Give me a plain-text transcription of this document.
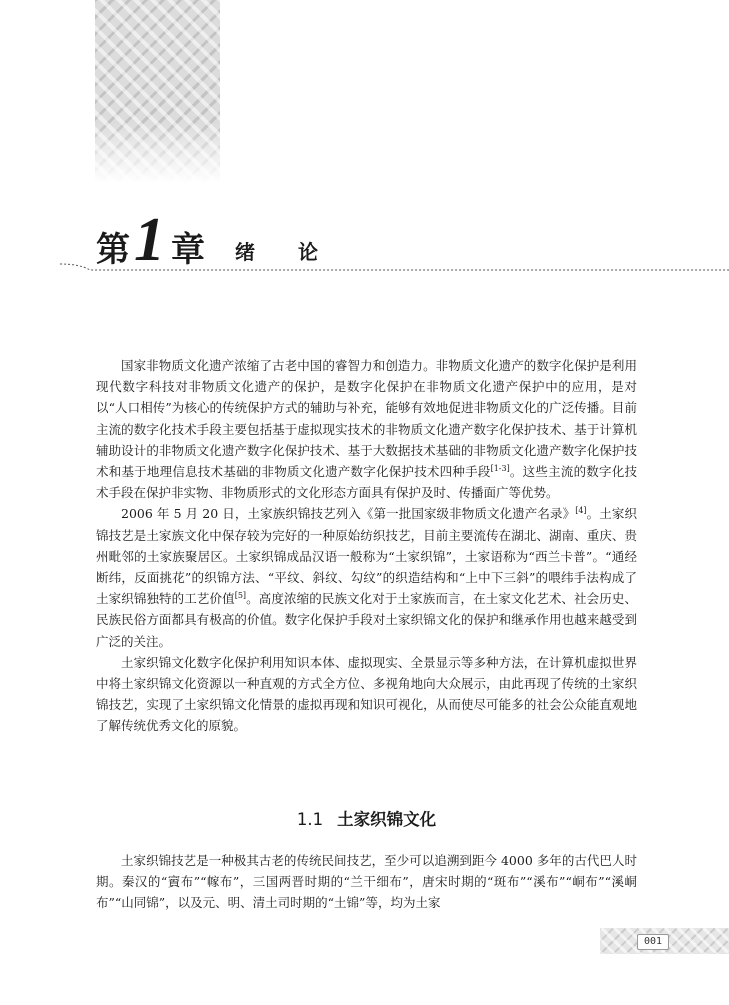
第 1 章 绪 论

国家非物质文化遗产浓缩了古老中国的睿智力和创造力。非物质文化遗产的数字化保护是利用现代数字科技对非物质文化遗产的保护，是数字化保护在非物质文化遗产保护中的应用，是对以“人口相传”为核心的传统保护方式的辅助与补充，能够有效地促进非物质文化的广泛传播。目前主流的数字化技术手段主要包括基于虚拟现实技术的非物质文化遗产数字化保护技术、基于计算机辅助设计的非物质文化遗产数字化保护技术、基于大数据技术基础的非物质文化遗产数字化保护技术和基于地理信息技术基础的非物质文化遗产数字化保护技术四种手段[1-3]。这些主流的数字化技术手段在保护非实物、非物质形式的文化形态方面具有保护及时、传播面广等优势。

2006 年 5 月 20 日，土家族织锦技艺列入《第一批国家级非物质文化遗产名录》[4]。土家织锦技艺是土家族文化中保存较为完好的一种原始纺织技艺，目前主要流传在湖北、湖南、重庆、贵州毗邻的土家族聚居区。土家织锦成品汉语一般称为“土家织锦”，土家语称为“西兰卡普”。“通经断纬，反面挑花”的织锦方法、“平纹、斜纹、勾纹”的织造结构和“上中下三斜”的喂纬手法构成了土家织锦独特的工艺价值[5]。高度浓缩的民族文化对于土家族而言，在土家文化艺术、社会历史、民族民俗方面都具有极高的价值。数字化保护手段对土家织锦文化的保护和继承作用也越来越受到广泛的关注。

土家织锦文化数字化保护利用知识本体、虚拟现实、全景显示等多种方法，在计算机虚拟世界中将土家织锦文化资源以一种直观的方式全方位、多视角地向大众展示，由此再现了传统的土家织锦技艺，实现了土家织锦文化情景的虚拟再现和知识可视化，从而使尽可能多的社会公众能直观地了解传统优秀文化的原貌。

1.1 土家织锦文化

土家织锦技艺是一种极其古老的传统民间技艺，至少可以追溯到距今 4000 多年的古代巴人时期。秦汉的“賨布”“幏布”，三国两晋时期的“兰干细布”，唐宋时期的“斑布”“溪布”“峒布”“溪峒布”“山同锦”，以及元、明、清土司时期的“土锦”等，均为土家

001
